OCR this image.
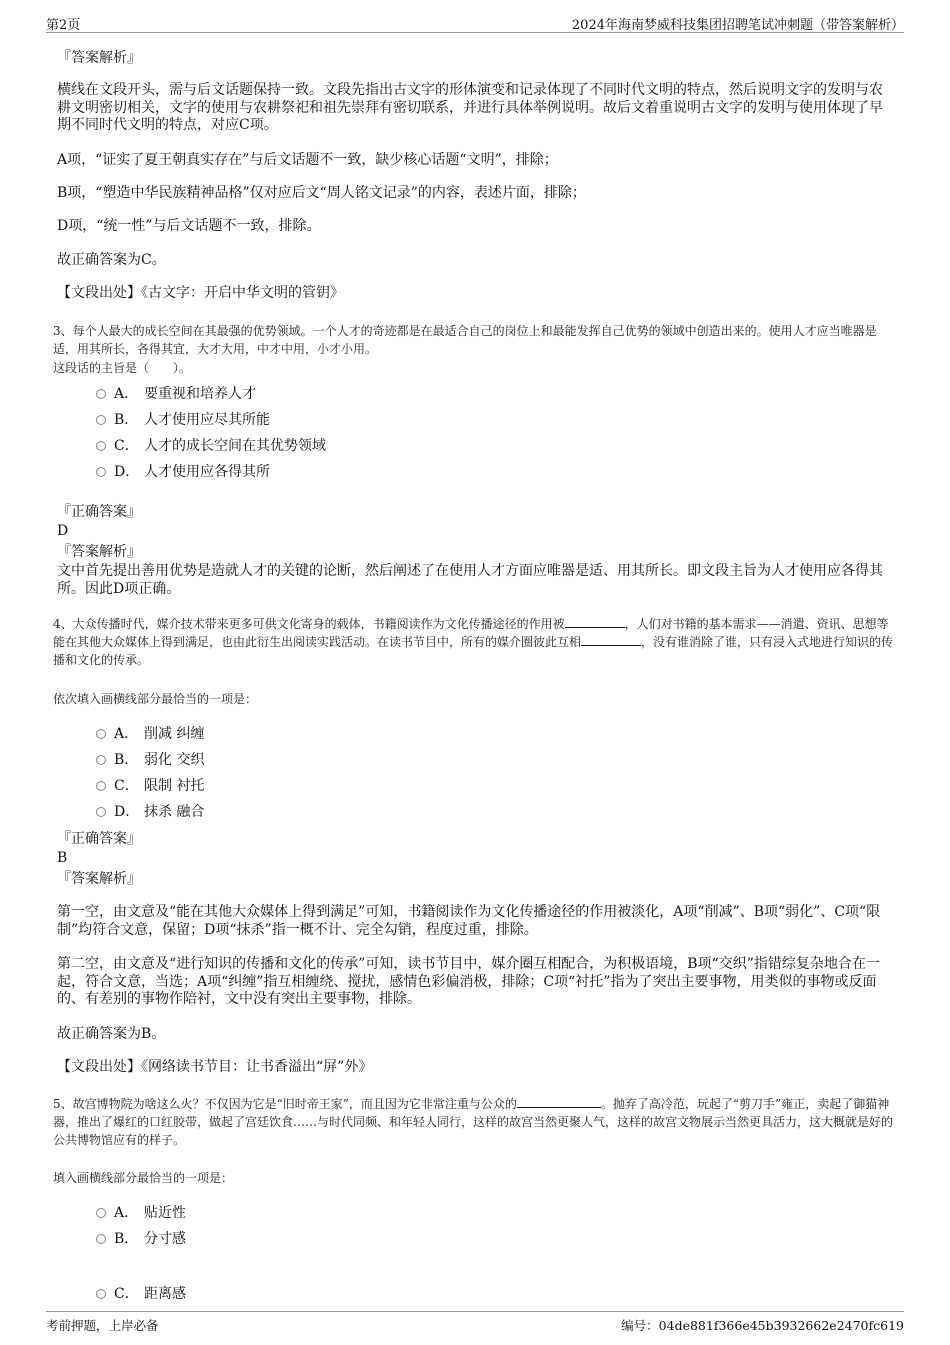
第2页	2024年海南梦威科技集团招聘笔试冲刺题（带答案解析）
『答案解析』
横线在文段开头，需与后文话题保持一致。文段先指出古文字的形体演变和记录体现了不同时代文明的特点，然后说明文字的发明与农耕文明密切相关，文字的使用与农耕祭祀和祖先崇拜有密切联系，并进行具体举例说明。故后文着重说明古文字的发明与使用体现了早期不同时代文明的特点，对应C项。
A项，“证实了夏王朝真实存在”与后文话题不一致，缺少核心话题“文明”，排除；
B项，“塑造中华民族精神品格”仅对应后文“周人铭文记录”的内容，表述片面，排除；
D项，“统一性”与后文话题不一致，排除。
故正确答案为C。
【文段出处】《古文字：开启中华文明的管钥》
3、每个人最大的成长空间在其最强的优势领域。一个人才的奇迹都是在最适合自己的岗位上和最能发挥自己优势的领域中创造出来的。使用人才应当唯器是适，用其所长，各得其宜，大才大用，中才中用，小才小用。
这段话的主旨是（　　）。
A． 要重视和培养人才
B． 人才使用应尽其所能
C． 人才的成长空间在其优势领域
D． 人才使用应各得其所
『正确答案』
D
『答案解析』
文中首先提出善用优势是造就人才的关键的论断，然后阐述了在使用人才方面应唯器是适、用其所长。即文段主旨为人才使用应各得其所。因此D项正确。
4、大众传播时代，媒介技术带来更多可供文化寄身的载体，书籍阅读作为文化传播途径的作用被	，人们对书籍的基本需求——消遣、资讯、思想等能在其他大众媒体上得到满足，也由此衍生出阅读实践活动。在读书节目中，所有的媒介圈彼此互相	，没有谁消除了谁，只有浸入式地进行知识的传播和文化的传承。
依次填入画横线部分最恰当的一项是：
A． 削减 纠缠
B． 弱化 交织
C． 限制 衬托
D． 抹杀 融合
『正确答案』
B
『答案解析』
第一空，由文意及“能在其他大众媒体上得到满足”可知，书籍阅读作为文化传播途径的作用被淡化，A项“削减”、B项“弱化”、C项“限制”均符合文意，保留；D项“抹杀”指一概不计、完全勾销，程度过重，排除。
第二空，由文意及“进行知识的传播和文化的传承”可知，读书节目中，媒介圈互相配合，为积极语境，B项“交织”指错综复杂地合在一起，符合文意，当选；A项“纠缠”指互相缠绕、搅扰，感情色彩偏消极，排除；C项“衬托”指为了突出主要事物，用类似的事物或反面的、有差别的事物作陪衬，文中没有突出主要事物，排除。
故正确答案为B。
【文段出处】《网络读书节目：让书香溢出“屏”外》
5、故宫博物院为啥这么火？不仅因为它是“旧时帝王家”，而且因为它非常注重与公众的	。抛弃了高冷范，玩起了“剪刀手”雍正，卖起了御猫神器，推出了爆红的口红胶带，做起了宫廷饮食……与时代同频、和年轻人同行，这样的故宫当然更聚人气，这样的故宫文物展示当然更具活力，这大概就是好的公共博物馆应有的样子。
填入画横线部分最恰当的一项是：
A． 贴近性
B． 分寸感
C． 距离感
考前押题，上岸必备	编号：04de881f366e45b3932662e2470fc619
